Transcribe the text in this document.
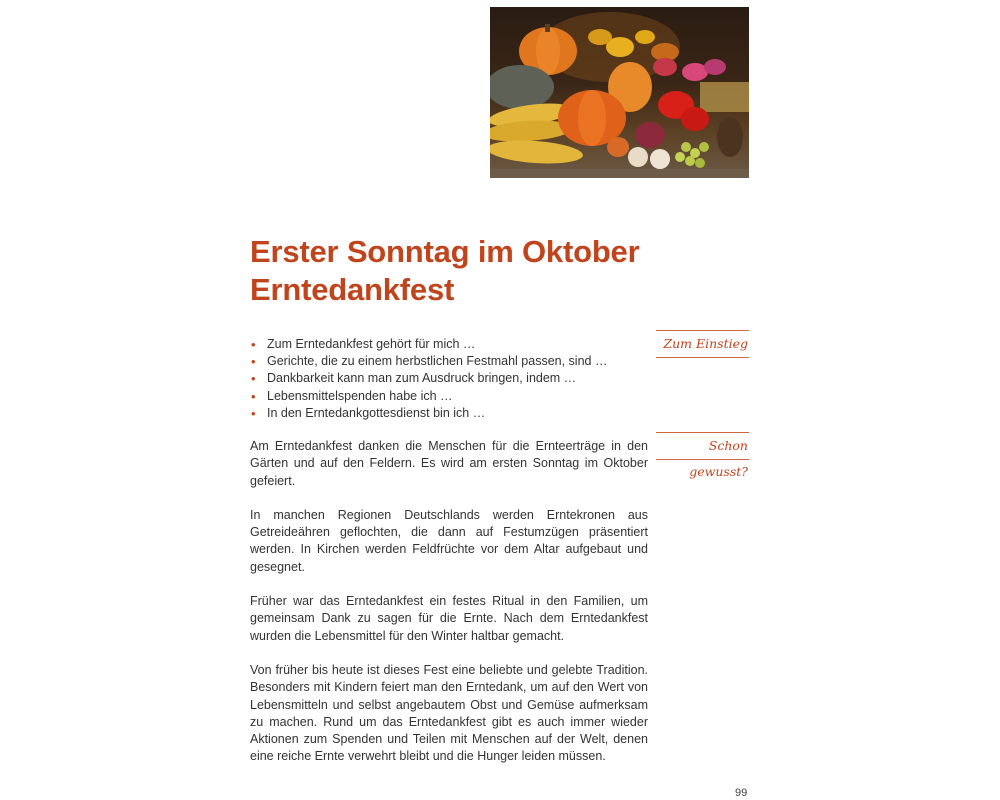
Erster Sonntag im Oktober
Erntedankfest
Zum Einstieg
• Zum Erntedankfest gehört für mich …
• Gerichte, die zu einem herbstlichen Festmahl passen, sind …
• Dankbarkeit kann man zum Ausdruck bringen, indem …
• Lebensmittelspenden habe ich …
• In den Erntedankgottesdienst bin ich …
Schon gewusst?

Am Erntedankfest danken die Menschen für die Ernteerträge in den Gärten und auf den Feldern. Es wird am ersten Sonntag im Oktober gefeiert.

In manchen Regionen Deutschlands werden Erntekronen aus Getreideähren geflochten, die dann auf Festumzügen präsentiert werden. In Kirchen werden Feldfrüchte vor dem Altar aufgebaut und gesegnet.

Früher war das Erntedankfest ein festes Ritual in den Familien, um gemeinsam Dank zu sagen für die Ernte. Nach dem Erntedankfest wurden die Lebensmittel für den Winter haltbar gemacht.

Von früher bis heute ist dieses Fest eine beliebte und gelebte Tradition. Besonders mit Kindern feiert man den Erntedank, um auf den Wert von Lebensmitteln und selbst angebautem Obst und Gemüse aufmerksam zu machen. Rund um das Erntedankfest gibt es auch immer wieder Aktionen zum Spenden und Teilen mit Menschen auf der Welt, denen eine reiche Ernte verwehrt bleibt und die Hunger leiden müssen.

99
